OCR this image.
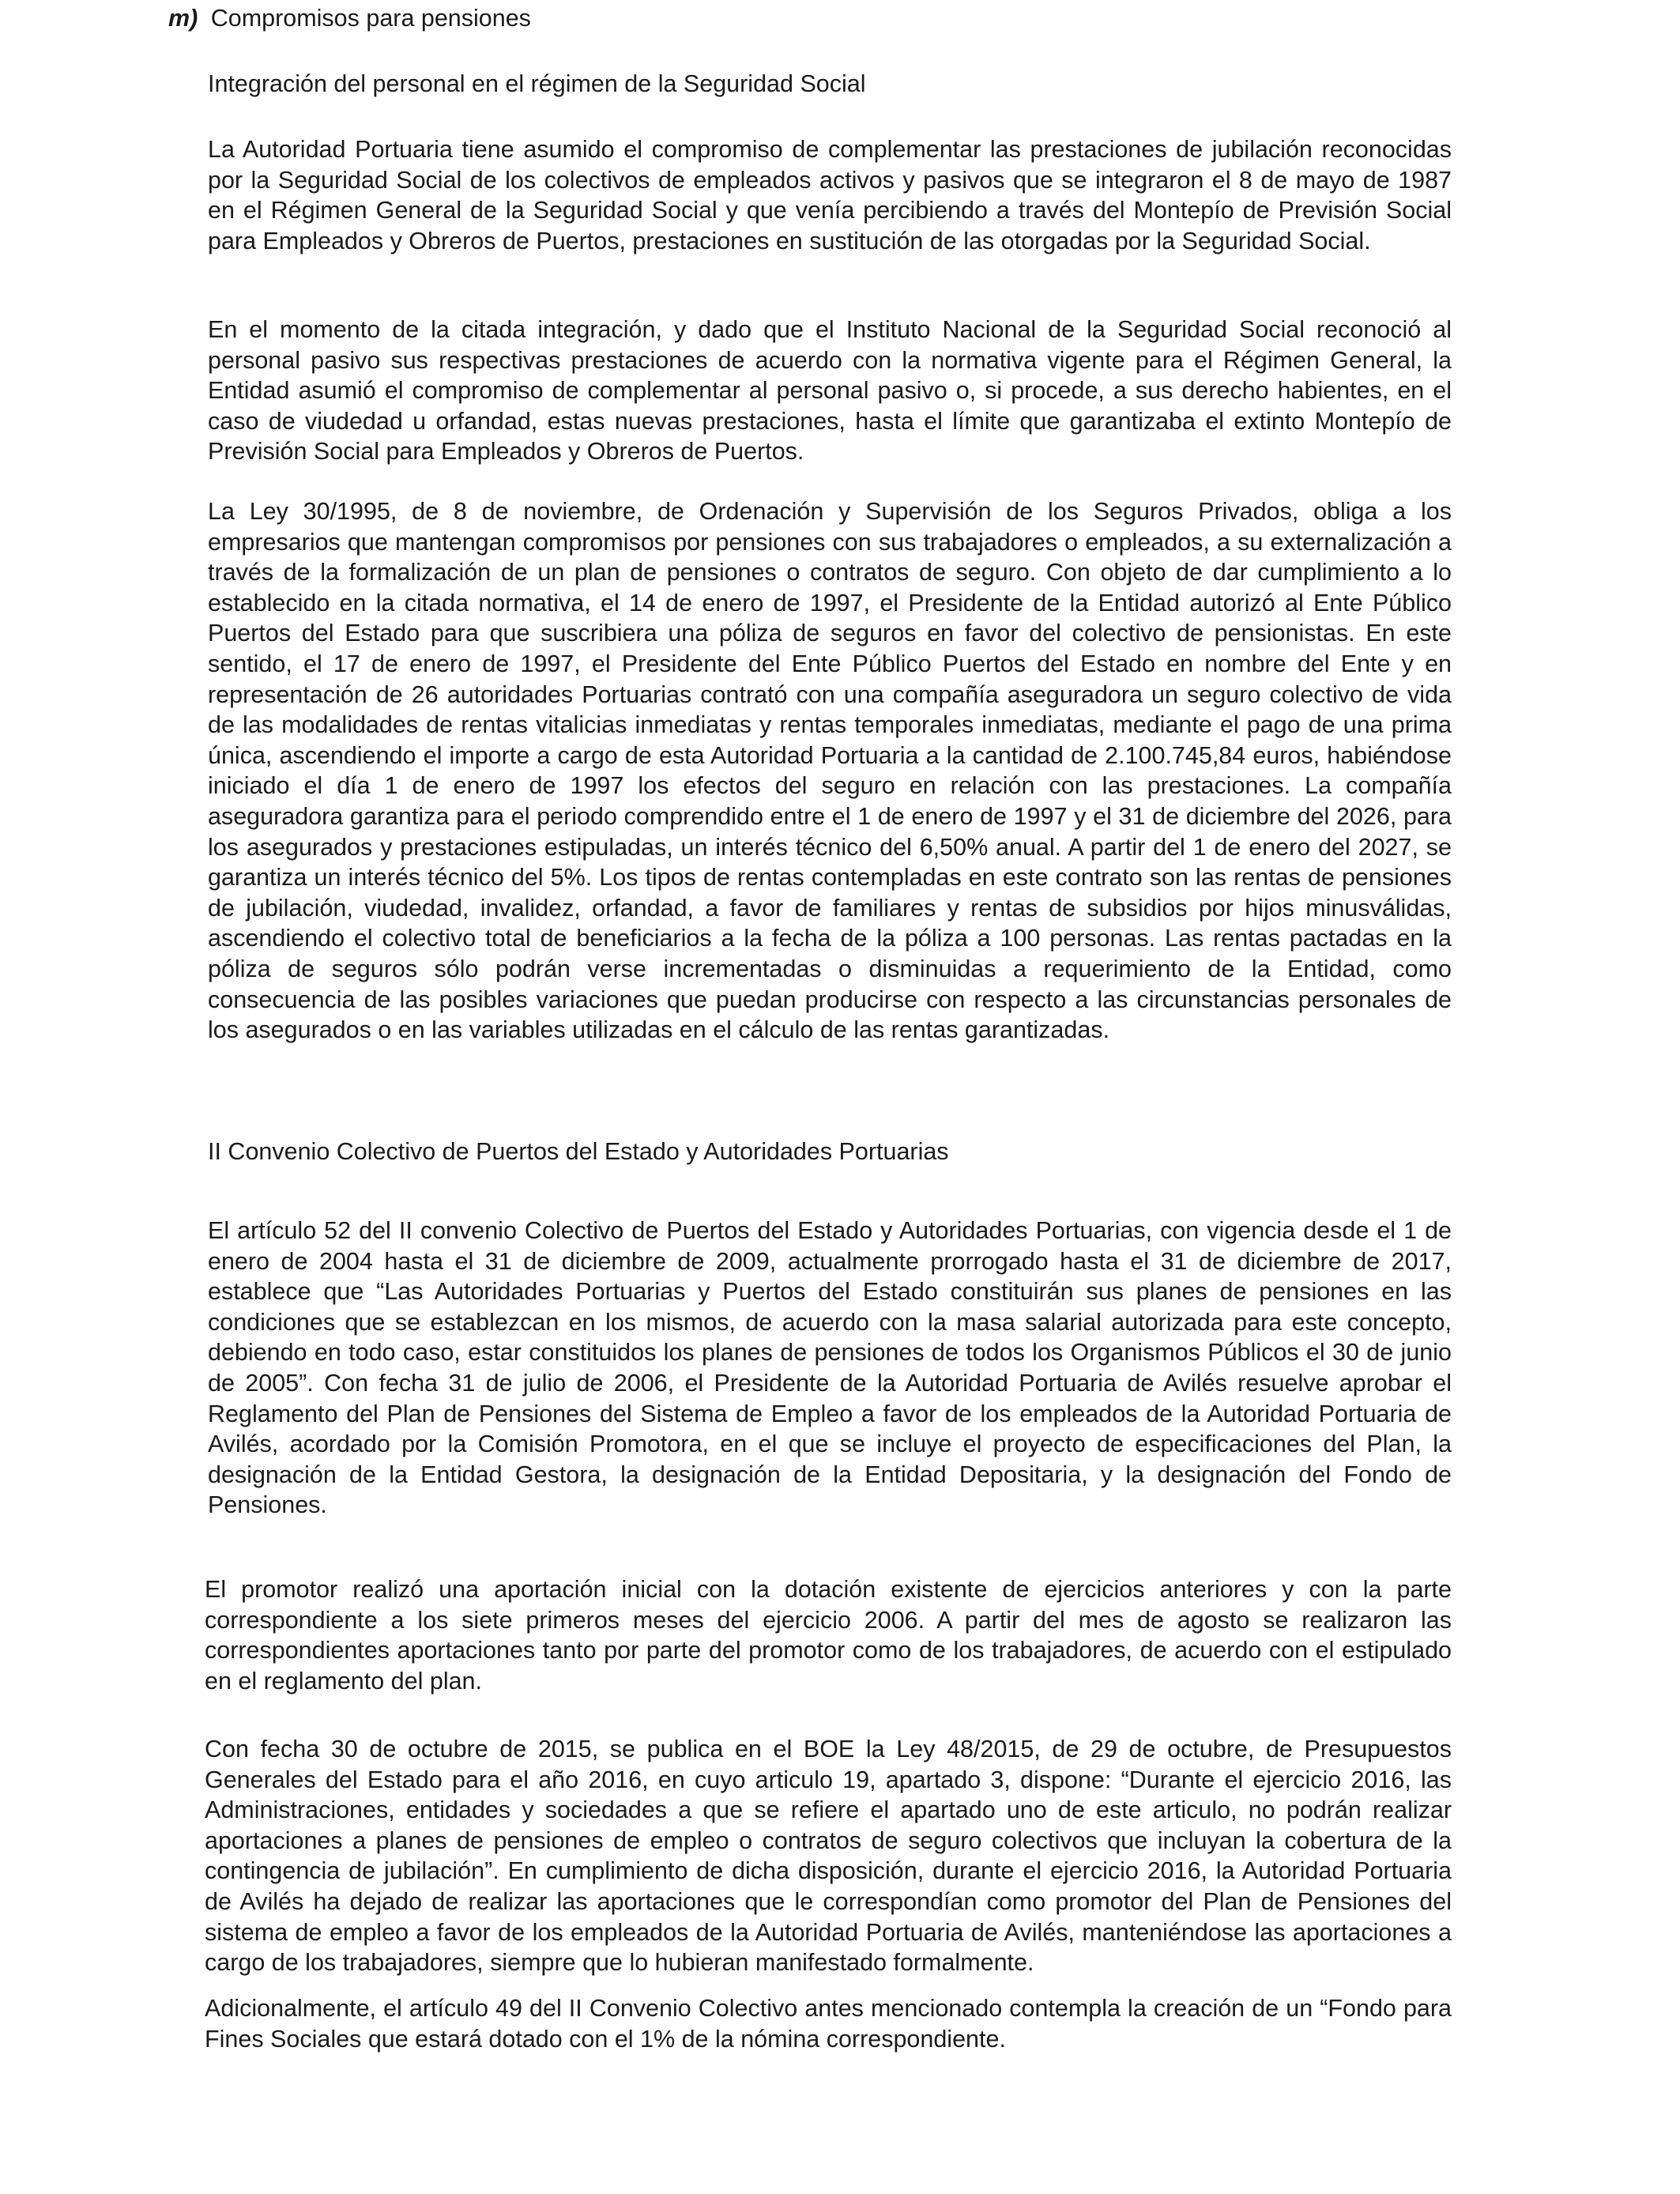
m) Compromisos para pensiones
Integración del personal en el régimen de la Seguridad Social

La Autoridad Portuaria tiene asumido el compromiso de complementar las prestaciones de jubilación reconocidas por la Seguridad Social de los colectivos de empleados activos y pasivos que se integraron el 8 de mayo de 1987 en el Régimen General de la Seguridad Social y que venía percibiendo a través del Montepío de Previsión Social para Empleados y Obreros de Puertos, prestaciones en sustitución de las otorgadas por la Seguridad Social.

En el momento de la citada integración, y dado que el Instituto Nacional de la Seguridad Social reconoció al personal pasivo sus respectivas prestaciones de acuerdo con la normativa vigente para el Régimen General, la Entidad asumió el compromiso de complementar al personal pasivo o, si procede, a sus derecho habientes, en el caso de viudedad u orfandad, estas nuevas prestaciones, hasta el límite que garantizaba el extinto Montepío de Previsión Social para Empleados y Obreros de Puertos.

La Ley 30/1995, de 8 de noviembre, de Ordenación y Supervisión de los Seguros Privados, obliga a los empresarios que mantengan compromisos por pensiones con sus trabajadores o empleados, a su externalización a través de la formalización de un plan de pensiones o contratos de seguro. Con objeto de dar cumplimiento a lo establecido en la citada normativa, el 14 de enero de 1997, el Presidente de la Entidad autorizó al Ente Público Puertos del Estado para que suscribiera una póliza de seguros en favor del colectivo de pensionistas. En este sentido, el 17 de enero de 1997, el Presidente del Ente Público Puertos del Estado en nombre del Ente y en representación de 26 autoridades Portuarias contrató con una compañía aseguradora un seguro colectivo de vida de las modalidades de rentas vitalicias inmediatas y rentas temporales inmediatas, mediante el pago de una prima única, ascendiendo el importe a cargo de esta Autoridad Portuaria a la cantidad de 2.100.745,84 euros, habiéndose iniciado el día 1 de enero de 1997 los efectos del seguro en relación con las prestaciones. La compañía aseguradora garantiza para el periodo comprendido entre el 1 de enero de 1997 y el 31 de diciembre del 2026, para los asegurados y prestaciones estipuladas, un interés técnico del 6,50% anual. A partir del 1 de enero del 2027, se garantiza un interés técnico del 5%. Los tipos de rentas contempladas en este contrato son las rentas de pensiones de jubilación, viudedad, invalidez, orfandad, a favor de familiares y rentas de subsidios por hijos minusválidas, ascendiendo el colectivo total de beneficiarios a la fecha de la póliza a 100 personas. Las rentas pactadas en la póliza de seguros sólo podrán verse incrementadas o disminuidas a requerimiento de la Entidad, como consecuencia de las posibles variaciones que puedan producirse con respecto a las circunstancias personales de los asegurados o en las variables utilizadas en el cálculo de las rentas garantizadas.

II Convenio Colectivo de Puertos del Estado y Autoridades Portuarias

El artículo 52 del II convenio Colectivo de Puertos del Estado y Autoridades Portuarias, con vigencia desde el 1 de enero de 2004 hasta el 31 de diciembre de 2009, actualmente prorrogado hasta el 31 de diciembre de 2017, establece que “Las Autoridades Portuarias y Puertos del Estado constituirán sus planes de pensiones en las condiciones que se establezcan en los mismos, de acuerdo con la masa salarial autorizada para este concepto, debiendo en todo caso, estar constituidos los planes de pensiones de todos los Organismos Públicos el 30 de junio de 2005”. Con fecha 31 de julio de 2006, el Presidente de la Autoridad Portuaria de Avilés resuelve aprobar el Reglamento del Plan de Pensiones del Sistema de Empleo a favor de los empleados de la Autoridad Portuaria de Avilés, acordado por la Comisión Promotora, en el que se incluye el proyecto de especificaciones del Plan, la designación de la Entidad Gestora, la designación de la Entidad Depositaria, y la designación del Fondo de Pensiones.

El promotor realizó una aportación inicial con la dotación existente de ejercicios anteriores y con la parte correspondiente a los siete primeros meses del ejercicio 2006. A partir del mes de agosto se realizaron las correspondientes aportaciones tanto por parte del promotor como de los trabajadores, de acuerdo con el estipulado en el reglamento del plan.

Con fecha 30 de octubre de 2015, se publica en el BOE la Ley 48/2015, de 29 de octubre, de Presupuestos Generales del Estado para el año 2016, en cuyo articulo 19, apartado 3, dispone: “Durante el ejercicio 2016, las Administraciones, entidades y sociedades a que se refiere el apartado uno de este articulo, no podrán realizar aportaciones a planes de pensiones de empleo o contratos de seguro colectivos que incluyan la cobertura de la contingencia de jubilación”. En cumplimiento de dicha disposición, durante el ejercicio 2016, la Autoridad Portuaria de Avilés ha dejado de realizar las aportaciones que le correspondían como promotor del Plan de Pensiones del sistema de empleo a favor de los empleados de la Autoridad Portuaria de Avilés, manteniéndose las aportaciones a cargo de los trabajadores, siempre que lo hubieran manifestado formalmente.

Adicionalmente, el artículo 49 del II Convenio Colectivo antes mencionado contempla la creación de un “Fondo para Fines Sociales que estará dotado con el 1% de la nómina correspondiente.
